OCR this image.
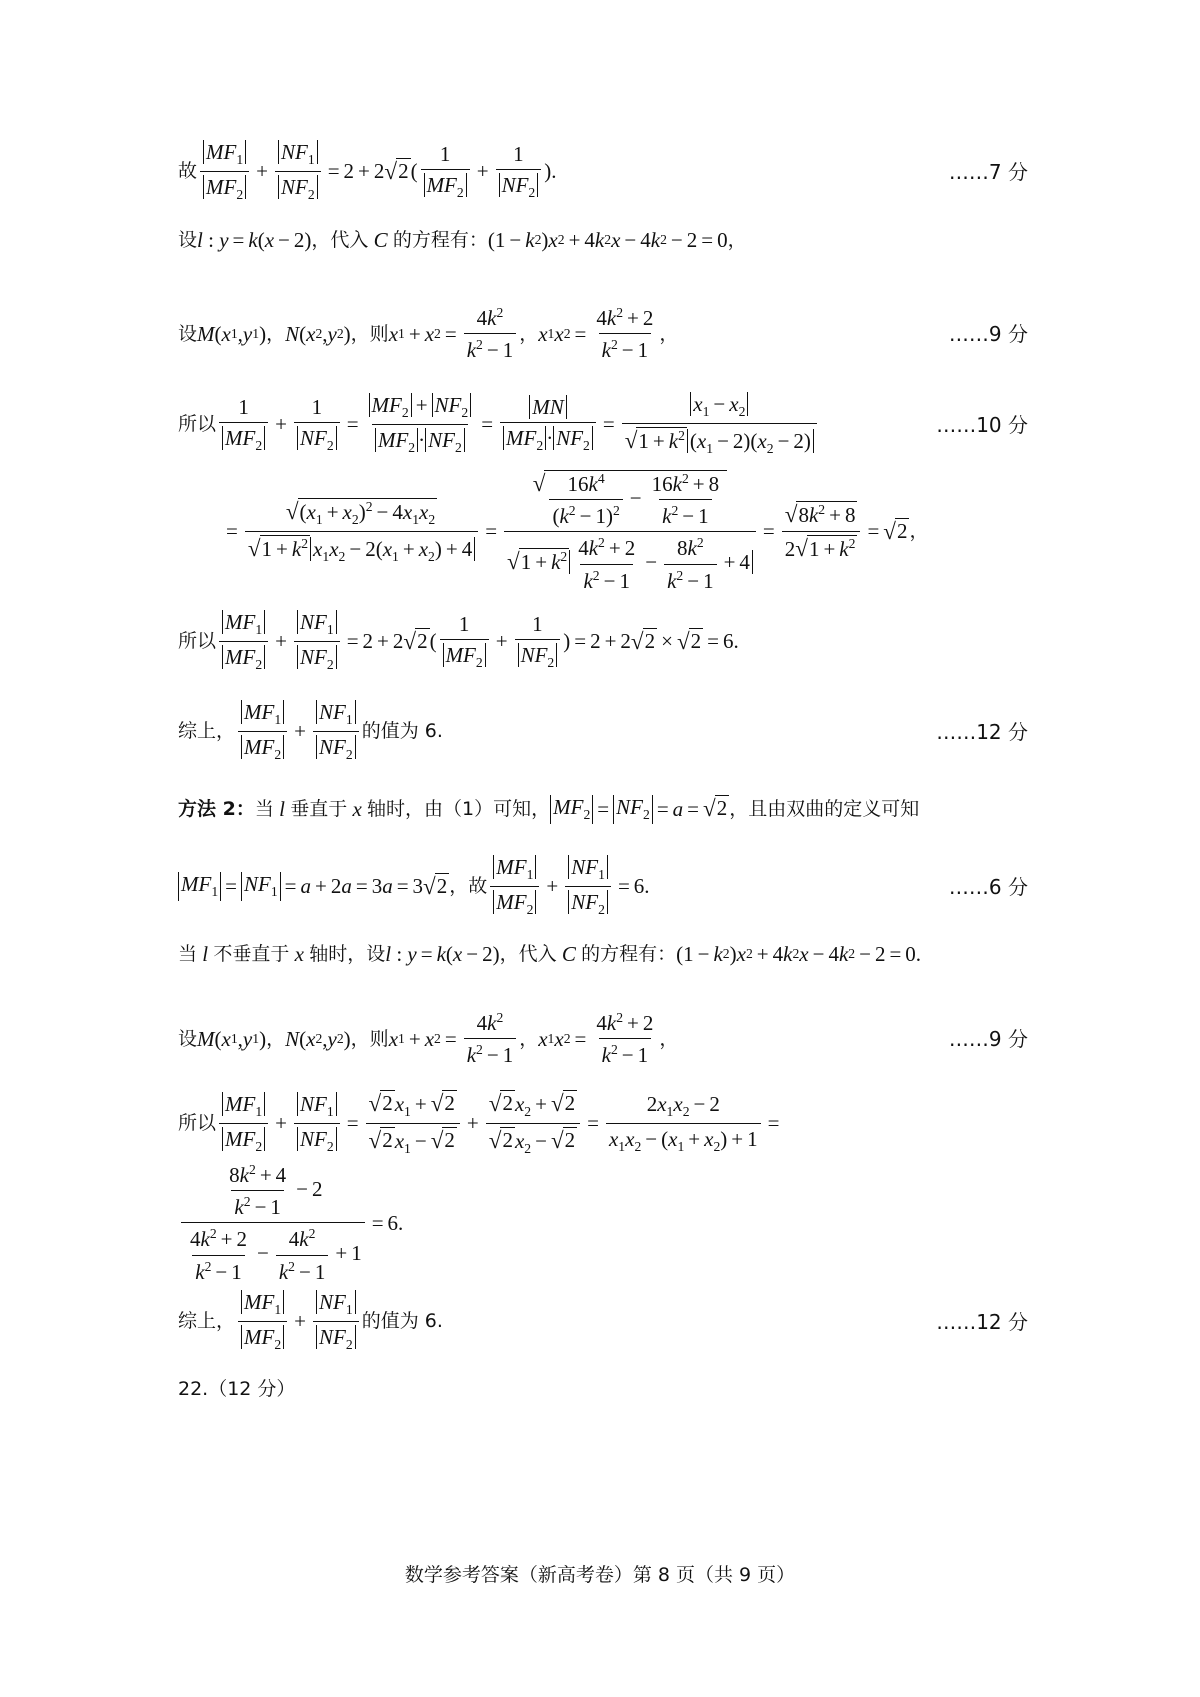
故 $\frac{MF_1}{MF_2} + \frac{NF_1}{NF_2} = 2 + 2$ √ 2 ( $\frac{1}{MF_2} + \frac{1}{NF_2}$ ).	……7 分
设 l : y = k ( x − 2) ，代入
C
的方程有： (1 − k 2 ) x 2 + 4 k 2 x − 4 k 2 − 2 = 0 ，
设 M ( x 1 , y 1 ) ， N ( x 2 , y 2 ) ，则 x 1 + x $2 = \frac{4k^2}{k^2 - 1}$ ， x 1 x $2 = \frac{4k^2 + 2}{k^2 - 1}$ ，	……9 分
所以 $\frac{1}{MF_2} + \frac{1}{NF_2} = \frac{MF_2 + NF_2}{MF_2 \cdot NF_2} = \frac{MN}{MF_2 \cdot NF_2} = \frac{x_1 - x_2}{√ 1 + k^2 (x_1 - 2)(x_2 - 2)}$	……10 分
= $\frac{√ (x_1 + x_2)^2 - 4x_1x_2}{√ 1 + k^2 x_1x_2 - 2(x_1 + x_2) + 4} = \frac{√ \frac{16k^4}{(k^2 - 1)^2} - \frac{16k^2 + 8}{k^2 - 1}}{√ 1 + k^2 \frac{4k^2 + 2}{k^2 - 1} - \frac{8k^2}{k^2 - 1} + 4} = \frac{√ 8k^2 + 8}{2 √ 1 + k^2}$ = √ 2 ，
所以 $\frac{MF_1}{MF_2} + \frac{NF_1}{NF_2} = 2 + 2$ √ 2 ( $\frac{1}{MF_2} + \frac{1}{NF_2}$ ) = 2 + 2 √ 2 × √ 2 = 6.
综上， $\frac{MF_1}{MF_2} + \frac{NF_1}{NF_2}$ 的值为 6.	……12 分
方法 2： 当
l
垂直于
x
轴时，由（1）可知， $MF_2 = NF_2 = a$ = √ 2 ，且由双曲的定义可知
$MF_1 = NF_1 = a + 2$ a = 3 a = 3 √ 2 ， 故 $\frac{MF_1}{MF_2} + \frac{NF_1}{NF_2} = 6$.	……6 分
当
l
不垂直于
x
轴时，设 l : y = k ( x − 2) ，代入
C
的方程有： (1 − k 2 ) x 2 + 4 k 2 x − 4 k 2 − 2 = 0.
设 M ( x 1 , y 1 ) ， N ( x 2 , y 2 ) ，则 x 1 + x $2 = \frac{4k^2}{k^2 - 1}$ ， x 1 x $2 = \frac{4k^2 + 2}{k^2 - 1}$ ，	……9 分
所以 $\frac{MF_1}{MF_2} + \frac{NF_1}{NF_2} = \frac{√ 2 x_1 + √ 2}{√ 2 x_1 - √ 2} + \frac{√ 2 x_2 + √ 2}{√ 2 x_2 - √ 2} = \frac{2x_1x_2 - 2}{x_1x_2 - (x_1 + x_2) + 1}$ =
$\frac{\frac{8k^2 + 4}{k^2 - 1} - 2}{\frac{4k^2 + 2}{k^2 - 1} - \frac{4k^2}{k^2 - 1} + 1} = 6$.
综上， $\frac{MF_1}{MF_2} + \frac{NF_1}{NF_2}$ 的值为 6.	……12 分
22.（12 分）
数学参考答案（新高考卷）第 8 页（共 9 页）
